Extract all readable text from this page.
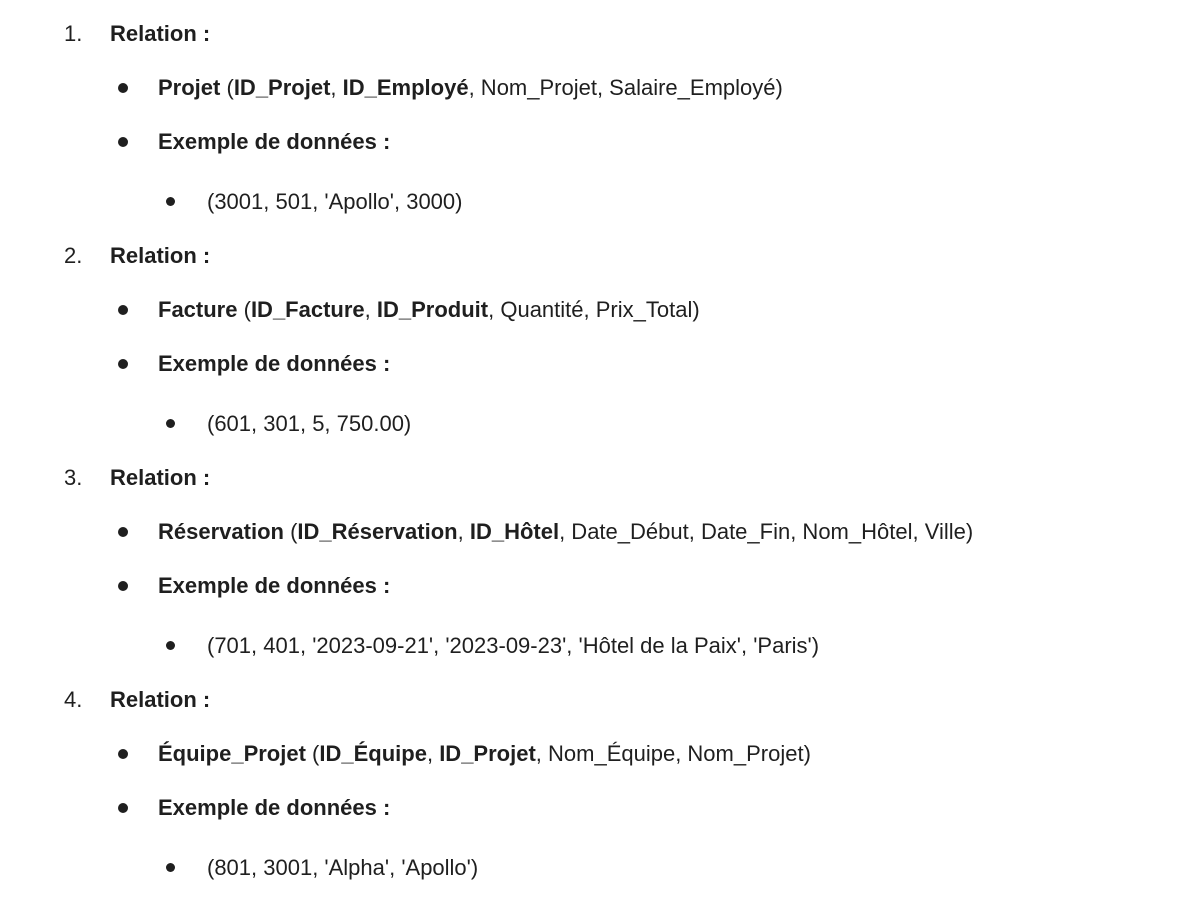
1.	Relation :
Projet (ID_Projet, ID_Employé, Nom_Projet, Salaire_Employé)
Exemple de données :
(3001, 501, 'Apollo', 3000)
2.	Relation :
Facture (ID_Facture, ID_Produit, Quantité, Prix_Total)
Exemple de données :
(601, 301, 5, 750.00)
3.	Relation :
Réservation (ID_Réservation, ID_Hôtel, Date_Début, Date_Fin, Nom_Hôtel, Ville)
Exemple de données :
(701, 401, '2023-09-21', '2023-09-23', 'Hôtel de la Paix', 'Paris')
4.	Relation :
Équipe_Projet (ID_Équipe, ID_Projet, Nom_Équipe, Nom_Projet)
Exemple de données :
(801, 3001, 'Alpha', 'Apollo')
